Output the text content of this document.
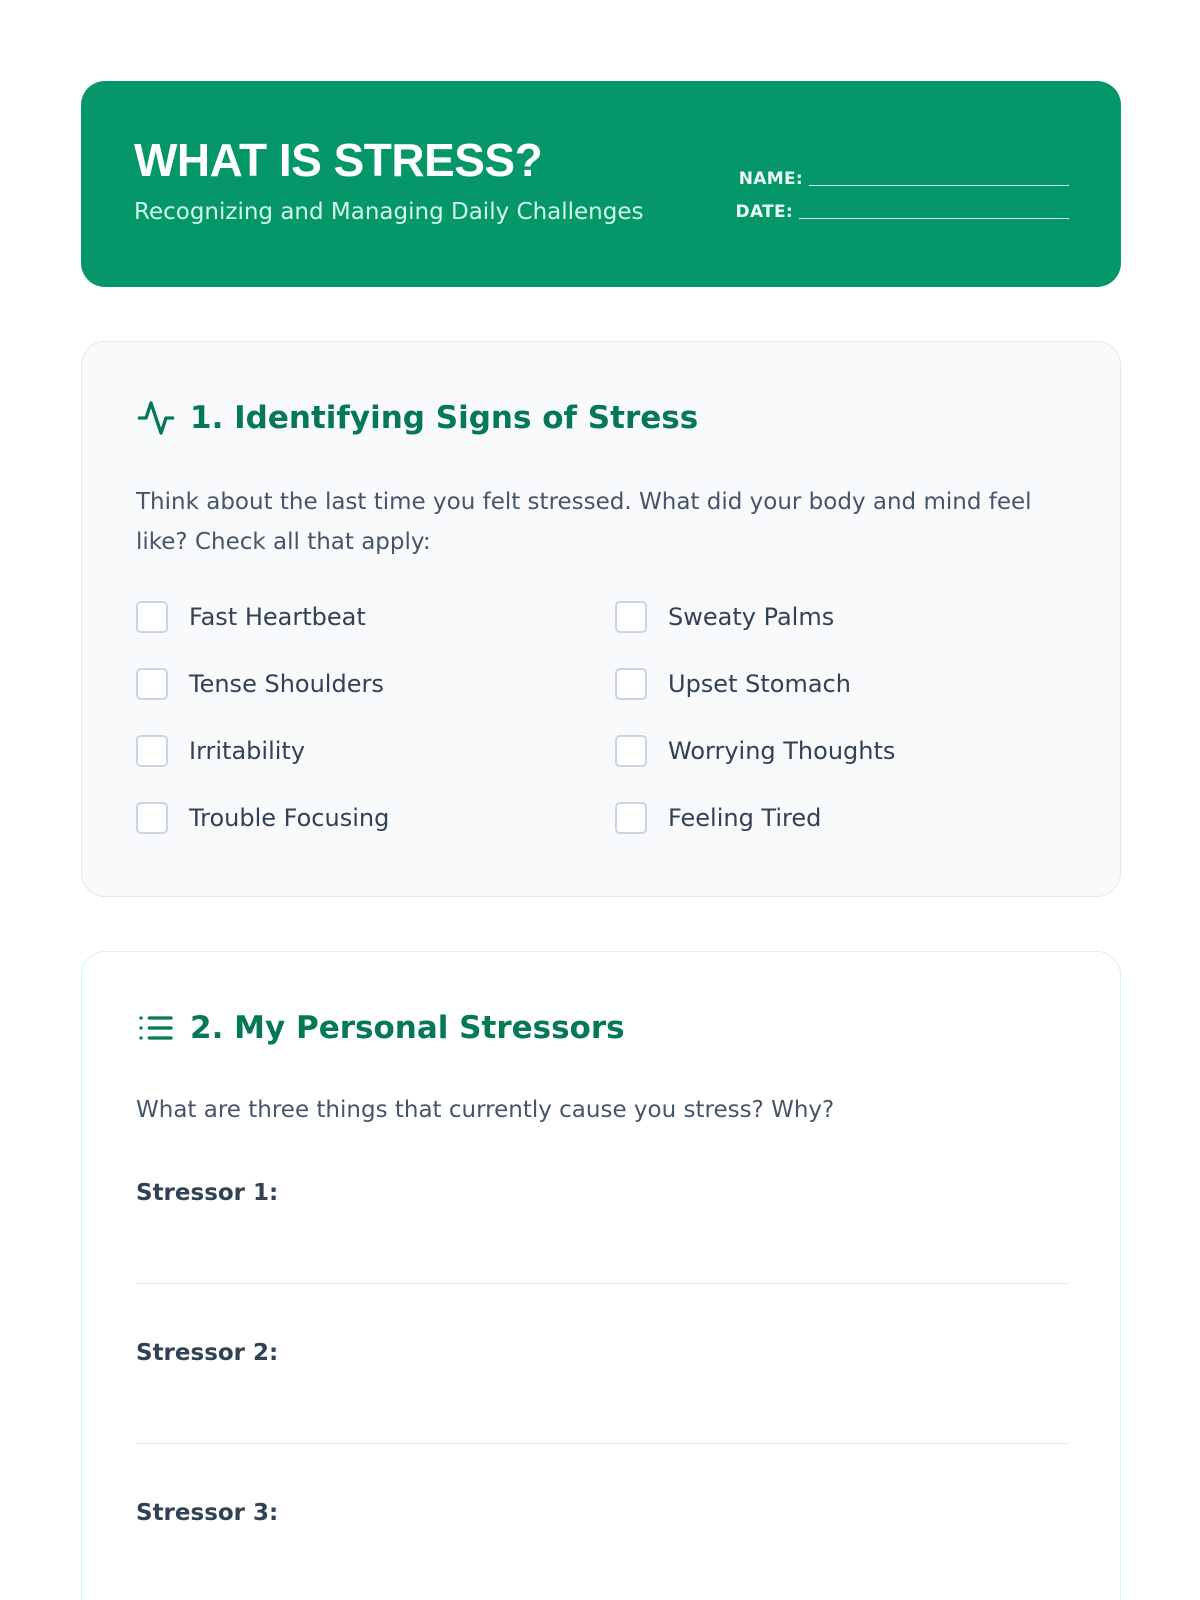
WHAT IS STRESS?
Recognizing and Managing Daily Challenges
NAME:
DATE:
1. Identifying Signs of Stress
Think about the last time you felt stressed. What did your body and mind feel like? Check all that apply:
Fast Heartbeat	Sweaty Palms
Tense Shoulders	Upset Stomach
Irritability	Worrying Thoughts
Trouble Focusing	Feeling Tired
2. My Personal Stressors
What are three things that currently cause you stress? Why?
Stressor 1:
Stressor 2:
Stressor 3:
